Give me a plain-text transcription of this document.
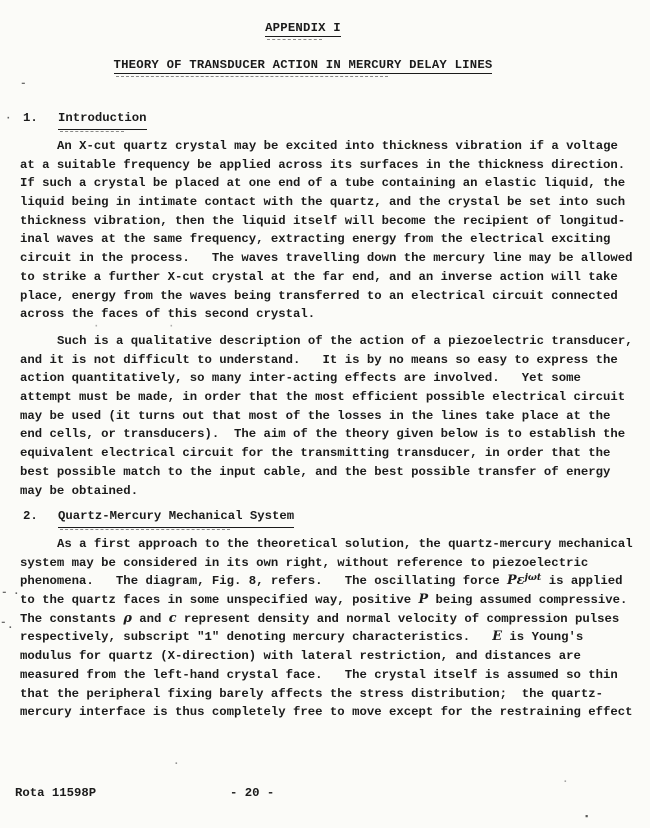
APPENDIX I
THEORY OF TRANSDUCER ACTION IN MERCURY DELAY LINES
1. Introduction
An X-cut quartz crystal may be excited into thickness vibration if a voltage
at a suitable frequency be applied across its surfaces in the thickness direction.
If such a crystal be placed at one end of a tube containing an elastic liquid, the
liquid being in intimate contact with the quartz, and the crystal be set into such
thickness vibration, then the liquid itself will become the recipient of longitud-
inal waves at the same frequency, extracting energy from the electrical exciting
circuit in the process.   The waves travelling down the mercury line may be allowed
to strike a further X-cut crystal at the far end, and an inverse action will take
place, energy from the waves being transferred to an electrical circuit connected
across the faces of this second crystal.
Such is a qualitative description of the action of a piezoelectric transducer,
and it is not difficult to understand.   It is by no means so easy to express the
action quantitatively, so many inter-acting effects are involved.   Yet some
attempt must be made, in order that the most efficient possible electrical circuit
may be used (it turns out that most of the losses in the lines take place at the
end cells, or transducers).  The aim of the theory given below is to establish the
equivalent electrical circuit for the transmitting transducer, in order that the
best possible match to the input cable, and the best possible transfer of energy
may be obtained.
2. Quartz-Mercury Mechanical System
As a first approach to the theoretical solution, the quartz-mercury mechanical
system may be considered in its own right, without reference to piezoelectric
phenomena.   The diagram, Fig. 8, refers.   The oscillating force $P\varepsilon^{j\omega t}$ is applied
to the quartz faces in some unspecified way, positive P being assumed compressive.
The constants ρ and c represent density and normal velocity of compression pulses
respectively, subscript "1" denoting mercury characteristics.   E is Young's
modulus for quartz (X-direction) with lateral restriction, and distances are
measured from the left-hand crystal face.   The crystal itself is assumed so thin
that the peripheral fixing barely affects the stress distribution;  the quartz-
mercury interface is thus completely free to move except for the restraining effect
-
·
·	·
- .
- .
.
.
▪
Rota 11598P	- 20 -
